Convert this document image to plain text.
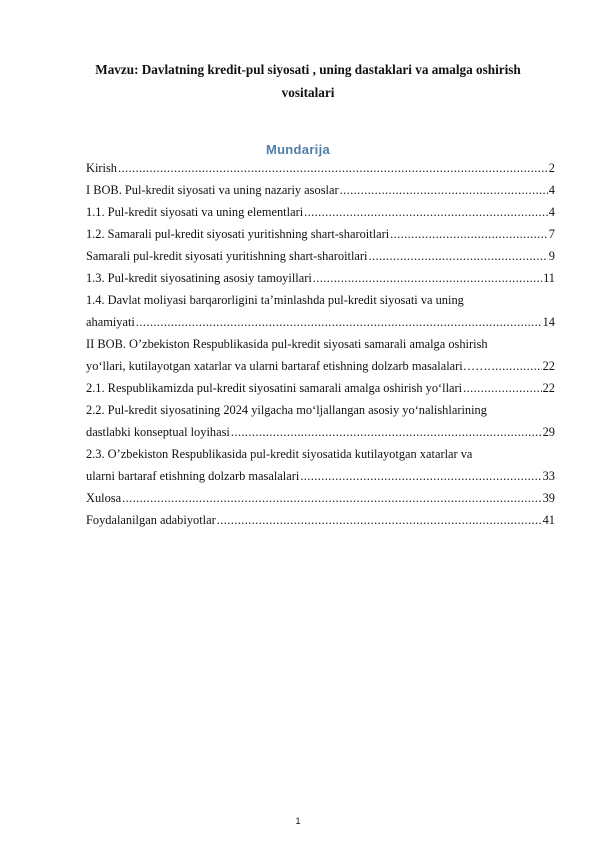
Mavzu: Davlatning kredit-pul siyosati , uning dastaklari va amalga oshirish
vositalari
Mundarija
Kirish .....	2
I BOB. Pul-kredit siyosati va uning nazariy asoslar .....	4
1.1. Pul-kredit siyosati va uning elementlari .....	4
1.2. Samarali pul-kredit siyosati yuritishning shart-sharoitlari .....	7
Samarali pul-kredit siyosati yuritishning shart-sharoitlari .....	9
1.3. Pul-kredit siyosatining asosiy tamoyillari .....	11
1.4. Davlat moliyasi barqarorligini ta’minlashda pul-kredit siyosati va uning
ahamiyati .....	14
II BOB. O’zbekiston Respublikasida pul-kredit siyosati samarali amalga oshirish
yo‘llari, kutilayotgan xatarlar va ularni bartaraf etishning dolzarb masalalari……. .....	22
2.1. Respublikamizda pul-kredit siyosatini samarali amalga oshirish yo‘llari .....	22
2.2. Pul-kredit siyosatining 2024 yilgacha mo‘ljallangan asosiy yo‘nalishlarining
dastlabki konseptual loyihasi .....	29
2.3. O’zbekiston Respublikasida pul-kredit siyosatida kutilayotgan xatarlar va
ularni bartaraf etishning dolzarb masalalari .....	33
Xulosa .....	39
Foydalanilgan adabiyotlar .....	41
1
